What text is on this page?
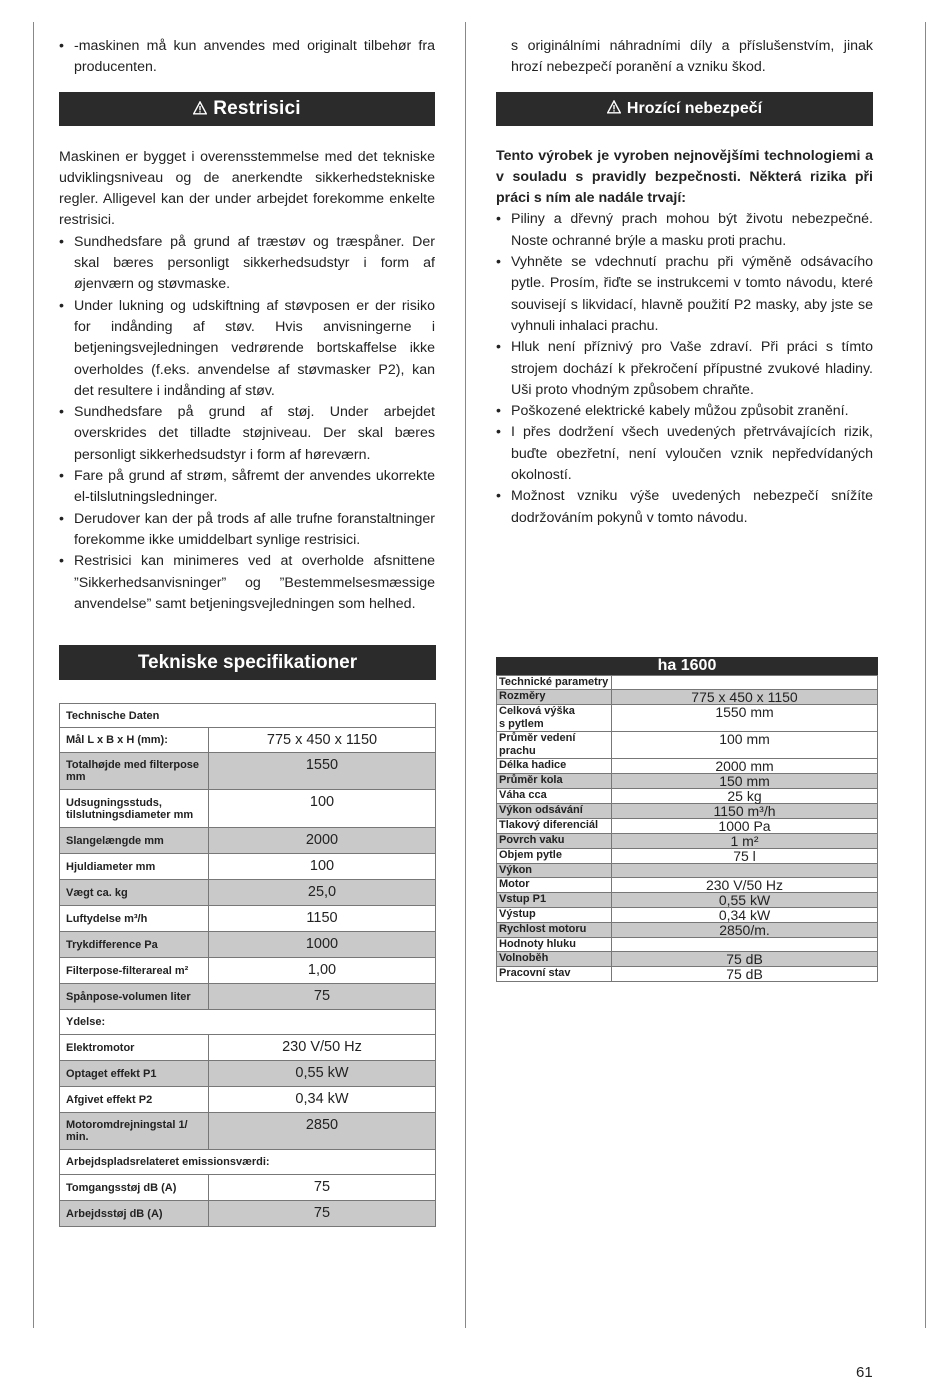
• -maskinen må kun anvendes med originalt tilbehør fra producenten.
Restrisici

Maskinen er bygget i overensstemmelse med det tekniske udviklingsniveau og de anerkendte sikkerhedstekniske regler. Alligevel kan der under arbejdet forekomme enkelte restrisici.

• Sundhedsfare på grund af træstøv og træspåner. Der skal bæres personligt sikkerhedsudstyr i form af øjenværn og støvmaske.
• Under lukning og udskiftning af støvposen er der risiko for indånding af støv. Hvis anvisningerne i betjeningsvejledningen vedrørende bortskaffelse ikke overholdes (f.eks. anvendelse af støvmasker P2), kan det resultere i indånding af støv.
• Sundhedsfare på grund af støj. Under arbejdet overskrides det tilladte støjniveau. Der skal bæres personligt sikkerhedsudstyr i form af høreværn.
• Fare på grund af strøm, såfremt der anvendes ukorrekte el-tilslutningsledninger.
• Derudover kan der på trods af alle trufne foranstaltninger forekomme ikke umiddelbart synlige restrisici.
• Restrisici kan minimeres ved at overholde afsnittene ”Sikkerhedsanvisninger” og ”Bestemmelsesmæssige anvendelse” samt betjeningsvejledningen som helhed.

s originálními náhradními díly a příslušenstvím, jinak hrozí nebezpečí poranění a vzniku škod.

Hrozící nebezpečí

Tento výrobek je vyroben nejnovějšími technologiemi a v souladu s pravidly bezpečnosti. Některá rizika při práci s ním ale nadále trvají:

• Piliny a dřevný prach mohou být životu nebezpečné. Noste ochranné brýle a masku proti prachu.
• Vyhněte se vdechnutí prachu při výměně odsávacího pytle. Prosím, řiďte se instrukcemi v tomto návodu, které souvisejí s likvidací, hlavně použití P2 masky, aby jste se vyhnuli inhalaci prachu.
• Hluk není příznivý pro Vaše zdraví. Při práci s tímto strojem dochází k překročení přípustné zvukové hladiny. Uši proto vhodným způsobem chraňte.
• Poškozené elektrické kabely můžou způsobit zranění.
• I přes dodržení všech uvedených přetrvávajících rizik, buďte obezřetní, není vyloučen vznik nepředvídaných okolností.
• Možnost vzniku výše uvedených nebezpečí snížíte dodržováním pokynů v tomto návodu.
Tekniske specifikationer
Technische Daten	
Mål L x B x H (mm):	775 x 450 x 1150
Totalhøjde med filterpose mm	1550
Udsugningsstuds, tilslutningsdiameter mm	100
Slangelængde mm	2000
Hjuldiameter mm	100
Vægt ca. kg	25,0
Luftydelse m³/h	1150
Trykdifference Pa	1000
Filterpose-filterareal m²	1,00
Spånpose-volumen liter	75
Ydelse:	
Elektromotor	230 V/50 Hz
Optaget effekt P1	0,55 kW
Afgivet effekt P2	0,34 kW
Motoromdrejningstal 1/ min.	2850
Arbejdspladsrelateret emissionsværdi:	
Tomgangsstøj dB (A)	75
Arbejdsstøj dB (A)	75
ha 1600
Technické parametry	
Rozměry	775 x 450 x 1150
Celková výška
s pytlem	1550 mm
Průměr vedení
prachu	100 mm
Délka hadice	2000 mm
Průměr kola	150 mm
Váha cca	25 kg
Výkon odsávání	1150 m³/h
Tlakový diferenciál	1000 Pa
Povrch vaku	1 m²
Objem pytle	75 l
Výkon	
Motor	230 V/50 Hz
Vstup P1	0,55 kW
Výstup	0,34 kW
Rychlost motoru	2850/m.
Hodnoty hluku	
Volnoběh	75 dB
Pracovní stav	75 dB
61
